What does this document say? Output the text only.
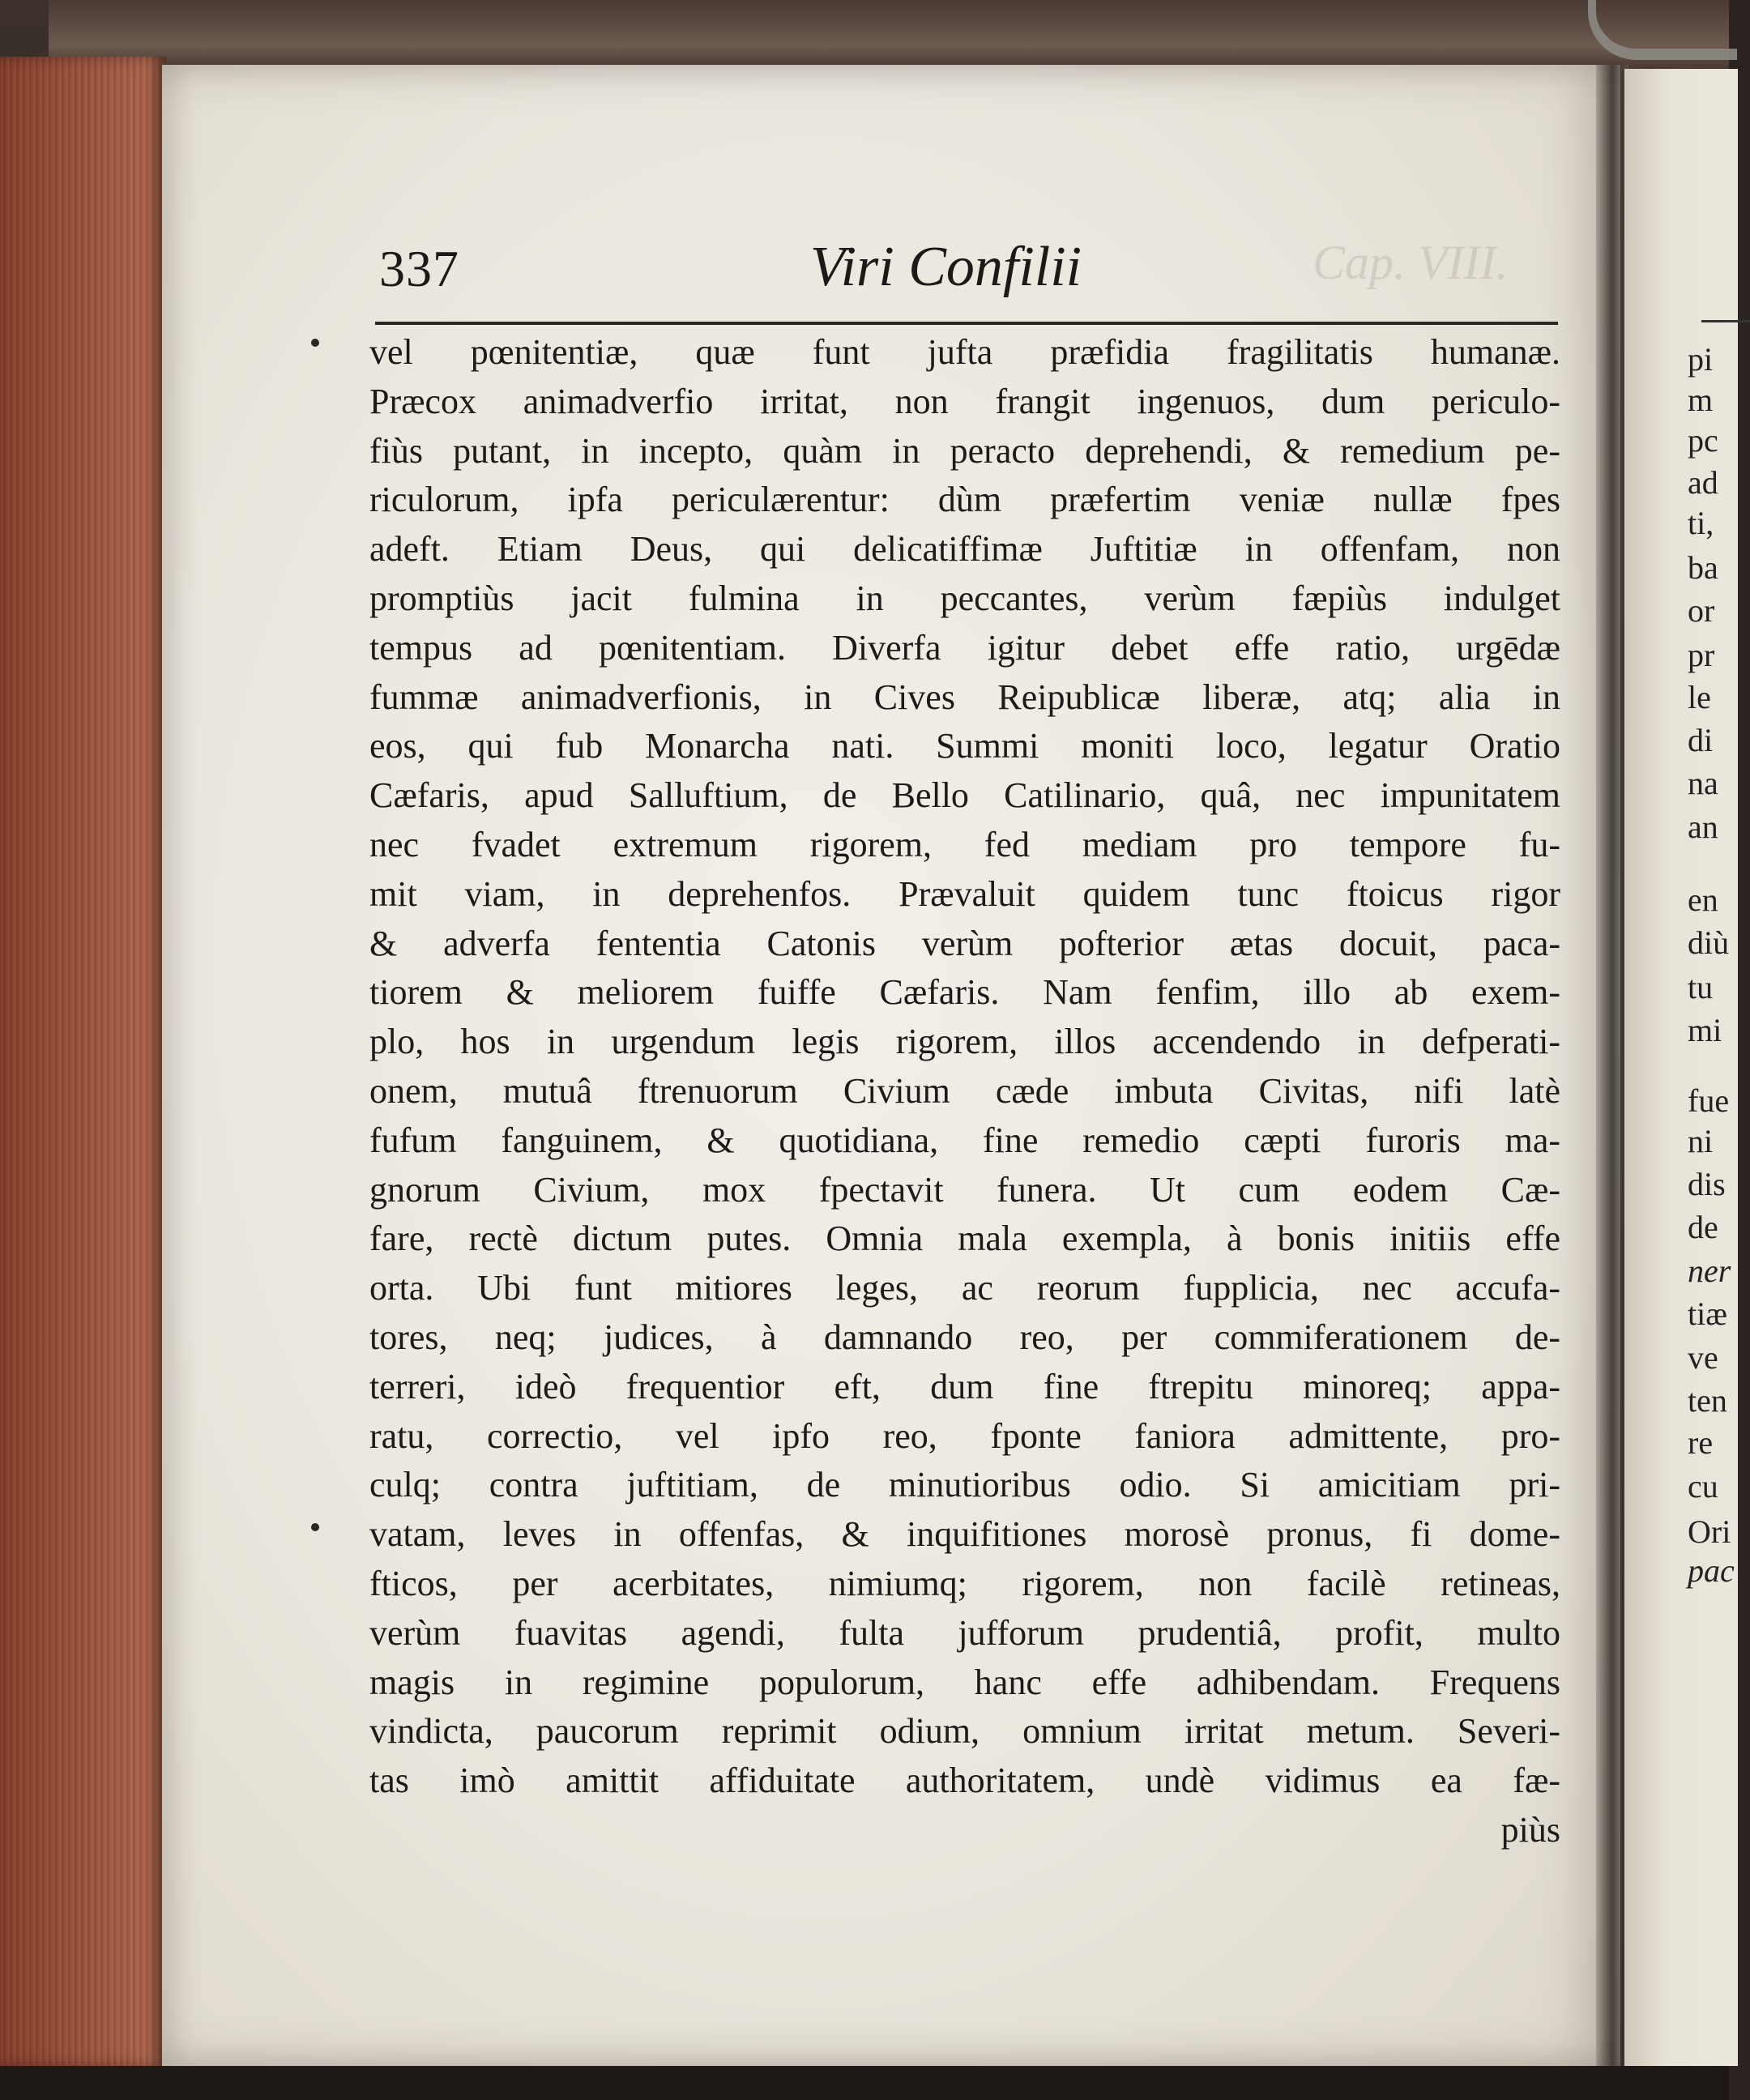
pi

m

pc

ad

ti,

ba

or

pr

le

di

na

an

en

diù

tu

mi

fue

ni

dis

de

ner

tiæ

ve

ten

re

cu

Ori

pac

Cap. VIII.

337	Viri Confilii

vel pœnitentiæ, quæ funt jufta præfidia fragilitatis humanæ.
Præcox animadverfio irritat, non frangit ingenuos, dum periculo-
fiùs putant, in incepto, quàm in peracto deprehendi, & remedium pe-
riculorum, ipfa periculærentur: dùm præfertim veniæ nullæ fpes
adeft. Etiam Deus, qui delicatiffimæ Juftitiæ in offenfam, non
promptiùs jacit fulmina in peccantes, verùm fæpiùs indulget
tempus ad pœnitentiam. Diverfa igitur debet effe ratio, urgēdæ
fummæ animadverfionis, in Cives Reipublicæ liberæ, atq; alia in
eos, qui fub Monarcha nati. Summi moniti loco, legatur Oratio
Cæfaris, apud Salluftium, de Bello Catilinario, quâ, nec impunitatem
nec fvadet extremum rigorem, fed mediam pro tempore fu-
mit viam, in deprehenfos. Prævaluit quidem tunc ftoicus rigor
& adverfa fententia Catonis verùm pofterior ætas docuit, paca-
tiorem & meliorem fuiffe Cæfaris. Nam fenfim, illo ab exem-
plo, hos in urgendum legis rigorem, illos accendendo in defperati-
onem, mutuâ ftrenuorum Civium cæde imbuta Civitas, nifi latè
fufum fanguinem, & quotidiana, fine remedio cæpti furoris ma-
gnorum Civium, mox fpectavit funera. Ut cum eodem Cæ-
fare, rectè dictum putes. Omnia mala exempla, à bonis initiis effe
orta. Ubi funt mitiores leges, ac reorum fupplicia, nec accufa-
tores, neq; judices, à damnando reo, per commiferationem de-
terreri, ideò frequentior eft, dum fine ftrepitu minoreq; appa-
ratu, correctio, vel ipfo reo, fponte faniora admittente, pro-
culq; contra juftitiam, de minutioribus odio. Si amicitiam pri-
vatam, leves in offenfas, & inquifitiones morosè pronus, fi dome-
fticos, per acerbitates, nimiumq; rigorem, non facilè retineas,
verùm fuavitas agendi, fulta jufforum prudentiâ, profit, multo
magis in regimine populorum, hanc effe adhibendam. Frequens
vindicta, paucorum reprimit odium, omnium irritat metum. Severi-
tas imò amittit affiduitate authoritatem, undè vidimus ea fæ-
piùs
